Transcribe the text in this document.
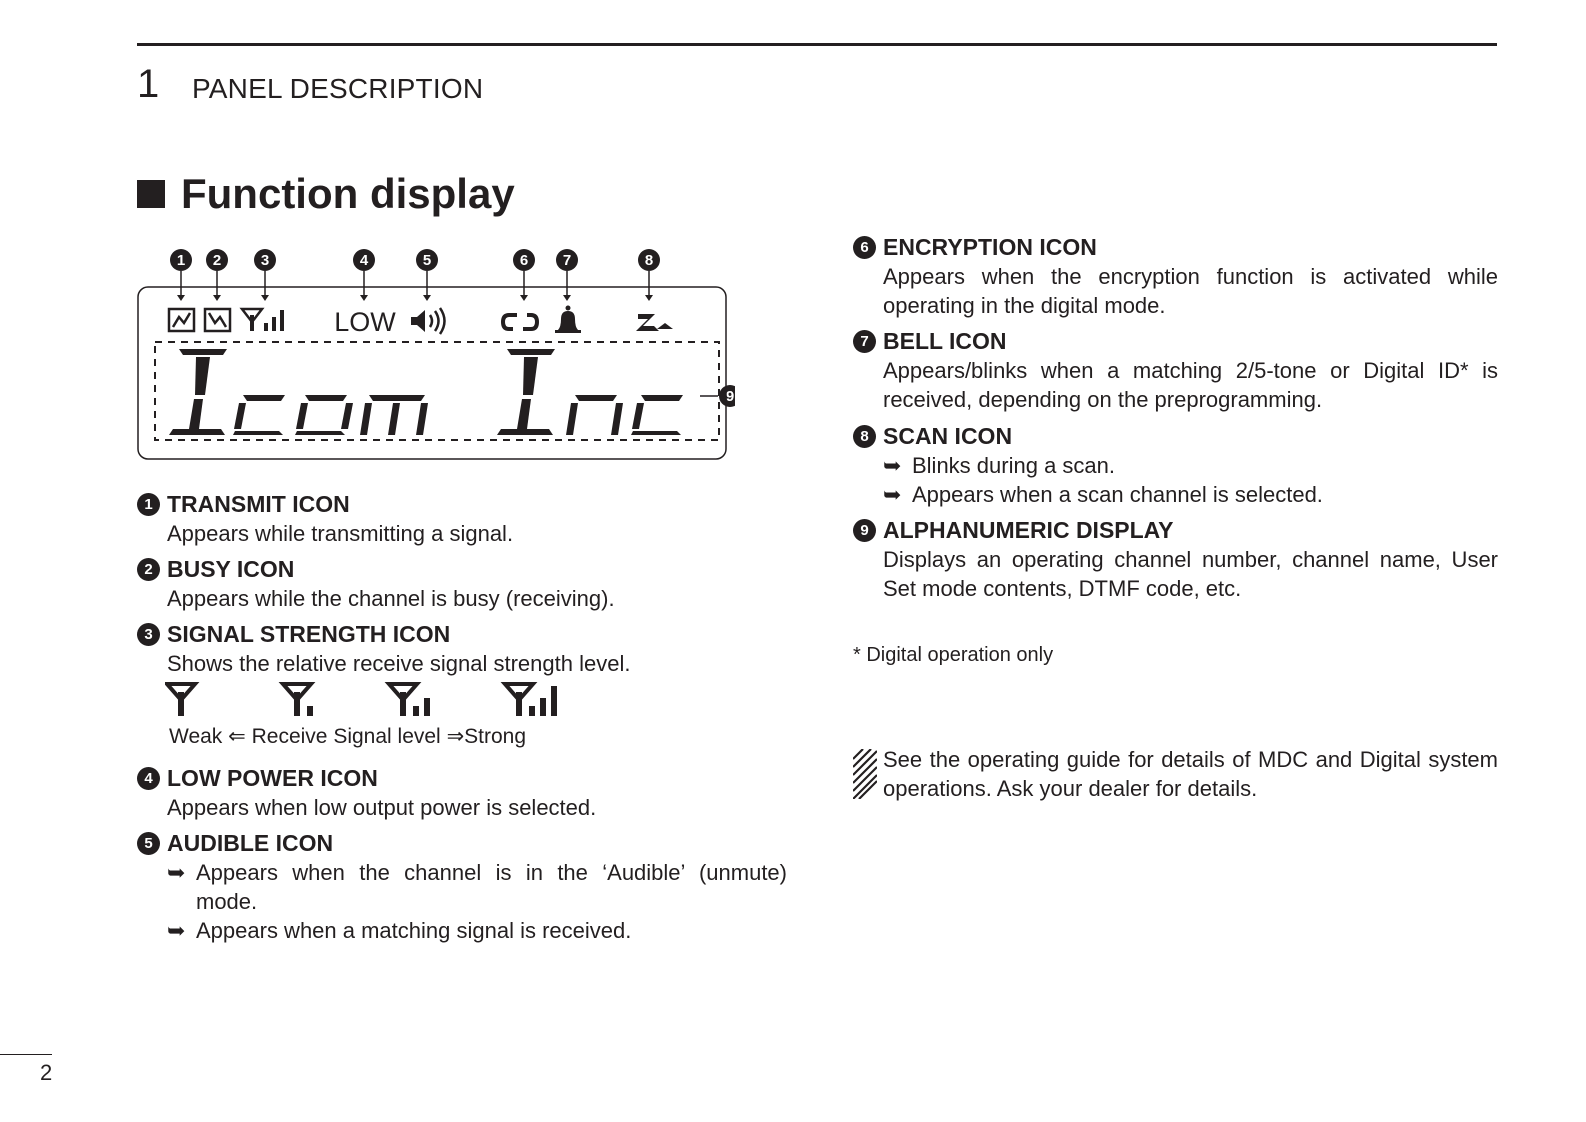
1 PANEL DESCRIPTION
Function display
1 2	3	4	5	6 7	8
9
LOW
1 TRANSMIT ICON
Appears while transmitting a signal.
2 BUSY ICON
Appears while the channel is busy (receiving).
3 SIGNAL STRENGTH ICON
Shows the relative receive signal strength level.
Weak ⇐ Receive Signal level ⇒Strong
4 LOW POWER ICON
Appears when low output power is selected.
5 AUDIBLE ICON
➥ Appears when the channel is in the ‘Audible’ (unmute) mode.
➥ Appears when a matching signal is received.
6 ENCRYPTION ICON
Appears when the encryption function is activated while operating in the digital mode.
7 BELL ICON
Appears/blinks when a matching 2/5-tone or Digital ID* is received, depending on the preprogramming.
8 SCAN ICON
➥ Blinks during a scan.
➥ Appears when a scan channel is selected.
9 ALPHANUMERIC DISPLAY
Displays an operating channel number, channel name, User Set mode contents, DTMF code, etc.
* Digital operation only
See the operating guide for details of MDC and Digital system operations. Ask your dealer for details.
2
